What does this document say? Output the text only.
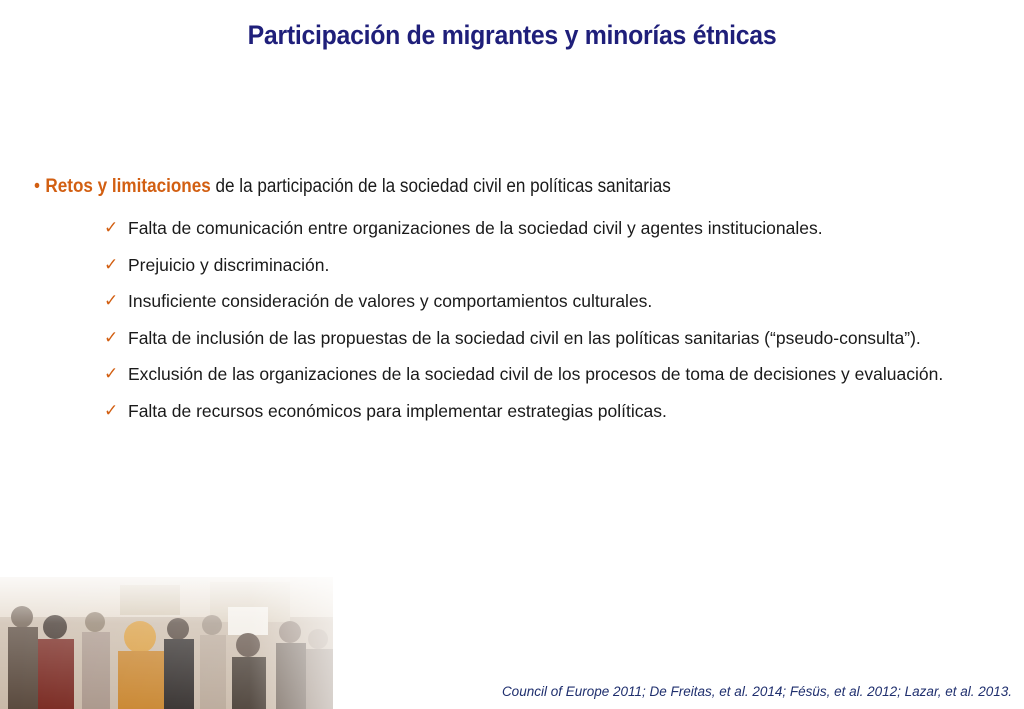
Participación de migrantes y minorías étnicas
• Retos y limitaciones de la participación de la sociedad civil en políticas sanitarias
✓ Falta de comunicación entre organizaciones de la sociedad civil y agentes institucionales.
✓ Prejuicio y discriminación.
✓ Insuficiente consideración de valores y comportamientos culturales.
✓ Falta de inclusión de las propuestas de la sociedad civil en las políticas sanitarias (“pseudo-consulta”).
✓ Exclusión de las organizaciones de la sociedad civil de los procesos de toma de decisiones y evaluación.
✓ Falta de recursos económicos para implementar estrategias políticas.
Council of Europe 2011; De Freitas, et al. 2014; Fésüs, et al. 2012; Lazar, et al. 2013.
